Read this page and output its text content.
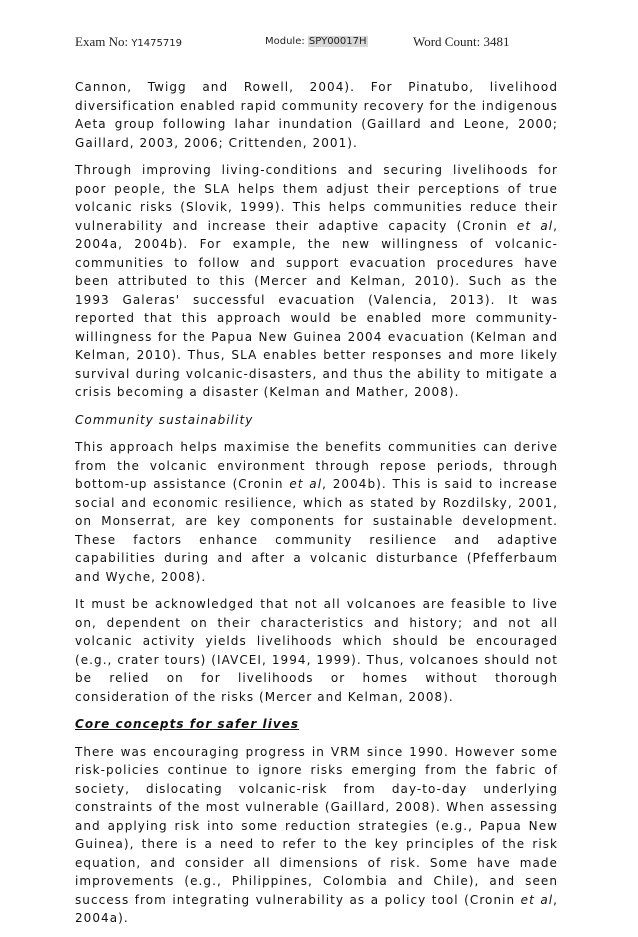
Exam No: Y1475719	Module: SPY00017H	Word Count: 3481

Cannon, Twigg and Rowell, 2004). For Pinatubo, livelihood diversification enabled rapid community recovery for the indigenous Aeta group following lahar inundation (Gaillard and Leone, 2000; Gaillard, 2003, 2006; Crittenden, 2001).

Through improving living-conditions and securing livelihoods for poor people, the SLA helps them adjust their perceptions of true volcanic risks (Slovik, 1999). This helps communities reduce their vulnerability and increase their adaptive capacity (Cronin et al, 2004a, 2004b). For example, the new willingness of volcanic-communities to follow and support evacuation procedures have been attributed to this (Mercer and Kelman, 2010). Such as the 1993 Galeras' successful evacuation (Valencia, 2013). It was reported that this approach would be enabled more community-willingness for the Papua New Guinea 2004 evacuation (Kelman and Kelman, 2010). Thus, SLA enables better responses and more likely survival during volcanic-disasters, and thus the ability to mitigate a crisis becoming a disaster (Kelman and Mather, 2008).

Community sustainability

This approach helps maximise the benefits communities can derive from the volcanic environment through repose periods, through bottom-up assistance (Cronin et al, 2004b). This is said to increase social and economic resilience, which as stated by Rozdilsky, 2001, on Monserrat, are key components for sustainable development. These factors enhance community resilience and adaptive capabilities during and after a volcanic disturbance (Pfefferbaum and Wyche, 2008).

It must be acknowledged that not all volcanoes are feasible to live on, dependent on their characteristics and history; and not all volcanic activity yields livelihoods which should be encouraged (e.g., crater tours) (IAVCEI, 1994, 1999). Thus, volcanoes should not be relied on for livelihoods or homes without thorough consideration of the risks (Mercer and Kelman, 2008).

Core concepts for safer lives

There was encouraging progress in VRM since 1990. However some risk-policies continue to ignore risks emerging from the fabric of society, dislocating volcanic-risk from day-to-day underlying constraints of the most vulnerable (Gaillard, 2008). When assessing and applying risk into some reduction strategies (e.g., Papua New Guinea), there is a need to refer to the key principles of the risk equation, and consider all dimensions of risk. Some have made improvements (e.g., Philippines, Colombia and Chile), and seen success from integrating vulnerability as a policy tool (Cronin et al, 2004a).
